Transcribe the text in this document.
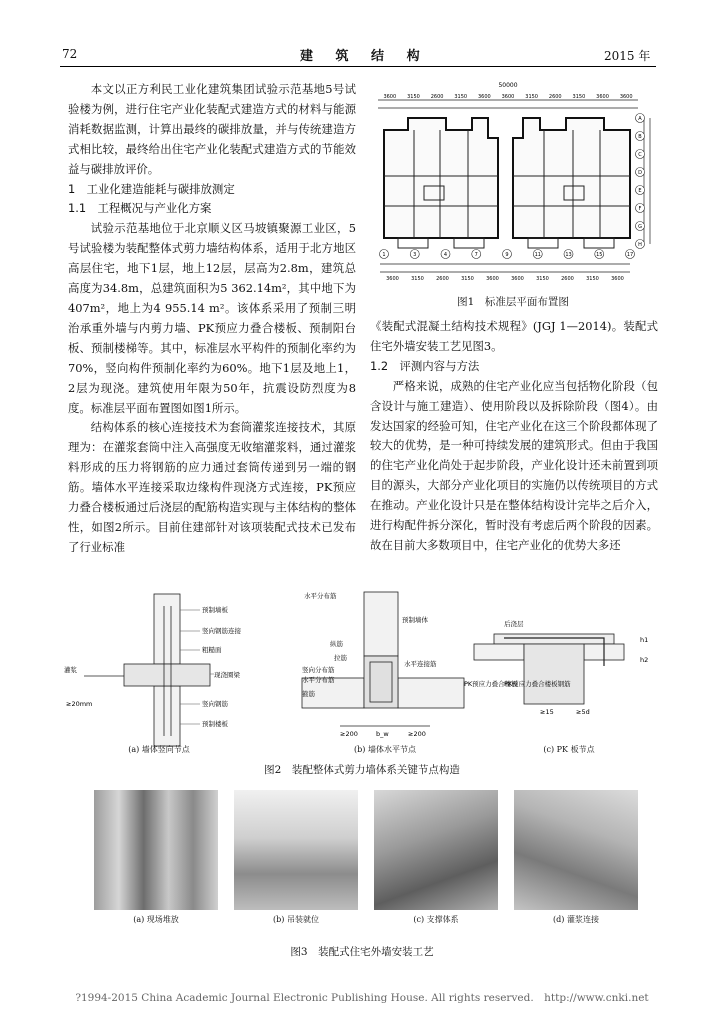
72	建 筑 结 构	2015 年

本文以正方利民工业化建筑集团试验示范基地5号试验楼为例，进行住宅产业化装配式建造方式的材料与能源消耗数据监测，计算出最终的碳排放量，并与传统建造方式相比较，最终给出住宅产业化装配式建造方式的节能效益与碳排放评价。

1　工业化建造能耗与碳排放测定

1.1　工程概况与产业化方案

试验示范基地位于北京顺义区马坡镇聚源工业区，5号试验楼为装配整体式剪力墙结构体系，适用于北方地区高层住宅，地下1层，地上12层，层高为2.8m，建筑总高度为34.8m，总建筑面积为5 362.14m²，其中地下为407m²，地上为4 955.14 m²。该体系采用了预制三明治承重外墙与内剪力墙、PK预应力叠合楼板、预制阳台板、预制楼梯等。其中，标准层水平构件的预制化率约为70%，竖向构件预制化率约为60%。地下1层及地上1，2层为现浇。建筑使用年限为50年，抗震设防烈度为8度。标准层平面布置图如图1所示。

结构体系的核心连接技术为套筒灌浆连接技术，其原理为：在灌浆套筒中注入高强度无收缩灌浆料，通过灌浆料形成的压力将钢筋的应力通过套筒传递到另一端的钢筋。墙体水平连接采取边缘构件现浇方式连接，PK预应力叠合楼板通过后浇层的配筋构造实现与主体结构的整体性，如图2所示。目前住建部针对该项装配式技术已发布了行业标准

50000
3600 3150 2600 3150 3600 3600 3150 2600 3150 3600 3600
3600 3150 2600 3150 3600 3600 3150 2600 3150 3600
1	3	4	7	9	11	13	15	17
A
B
C
D
E
F
G
H
图1　标准层平面布置图

《装配式混凝土结构技术规程》(JGJ 1—2014)。装配式住宅外墙安装工艺见图3。

1.2　评测内容与方法

严格来说，成熟的住宅产业化应当包括物化阶段（包含设计与施工建造）、使用阶段以及拆除阶段（图4）。由发达国家的经验可知，住宅产业化在这三个阶段都体现了较大的优势，是一种可持续发展的建筑形式。但由于我国的住宅产业化尚处于起步阶段，产业化设计还未前置到项目的源头，大部分产业化项目的实施仍以传统项目的方式在推动。产业化设计只是在整体结构设计完毕之后介入，进行构配件拆分深化，暂时没有考虑后两个阶段的因素。故在目前大多数项目中，住宅产业化的优势大多还

预制墙板
竖向钢筋连接
粗糙面
现浇圈梁
竖向钢筋
预制楼板
灌浆
≥20mm
水平分布筋
预制墙体
纵筋
拉筋
竖向分布筋
水平分布筋
箍筋
水平连接筋
≥200	b_w	≥200
后浇层
PK预应力叠合楼板
PK预应力叠合楼板钢筋
≥15	≥5d
h1
h2
(a) 墙体竖向节点	(b) 墙体水平节点	(c) PK 板节点
图2　装配整体式剪力墙体系关键节点构造
(a) 现场堆放	(b) 吊装就位	(c) 支撑体系	(d) 灌浆连接
图3　装配式住宅外墙安装工艺
?1994-2015 China Academic Journal Electronic Publishing House. All rights reserved.　http://www.cnki.net
